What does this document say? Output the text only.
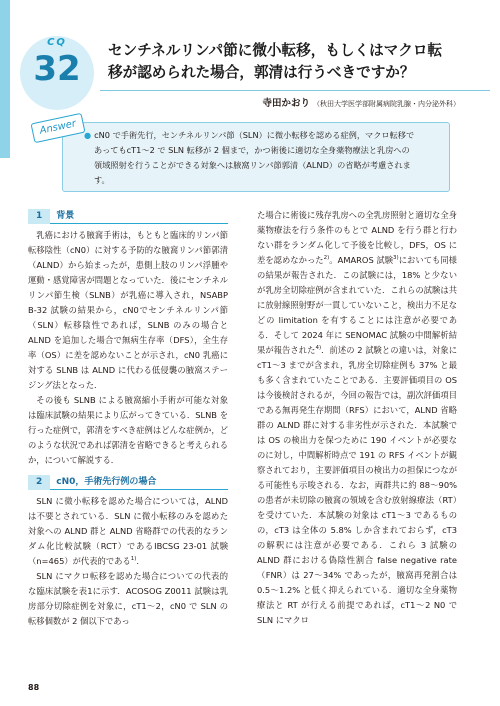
CQ
32	センチネルリンパ節に微小転移，もしくはマクロ転
移が認められた場合，郭清は行うべきですか？
寺田かおり （秋田大学医学部附属病院乳腺・内分泌外科）
Answer ● cN0 で手術先行，センチネルリンパ節（SLN）に微小転移を認める症例，マクロ転移で
あってもcT1～2 で SLN 転移が 2 個まで，かつ術後に適切な全身薬物療法と乳房への
領域照射を行うことができる対象へは腋窩リンパ節郭清（ALND）の省略が考慮されま
す。
1 背景

乳癌における腋窩手術は，もともと臨床的リンパ節転移陰性（cN0）に対する予防的な腋窩リンパ節郭清（ALND）から始まったが，患側上肢のリンパ浮腫や運動・感覚障害が問題となっていた．後にセンチネルリンパ節生検（SLNB）が乳癌に導入され，NSABP B-32 試験の結果から，cN0でセンチネルリンパ節（SLN）転移陰性であれば，SLNB のみの場合と ALND を追加した場合で無病生存率（DFS），全生存率（OS）に差を認めないことが示され，cN0 乳癌に対する SLNB は ALND に代わる低侵襲の腋窩ステージング法となった．

その後も SLNB による腋窩縮小手術が可能な対象は臨床試験の結果により広がってきている．SLNB を行った症例で，郭清をすべき症例はどんな症例か，どのような状況であれば郭清を省略できると考えられるか，について解説する．

2 cN0，手術先行例の場合

SLN に微小転移を認めた場合については，ALND は不要とされている．SLN に微小転移のみを認めた対象への ALND 群と ALND 省略群での代表的なランダム化比較試験（RCT）であるIBCSG 23-01 試験（n=465）が代表的である$^{1)}$.

SLN にマクロ転移を認めた場合についての代表的な臨床試験を表1に示す．ACOSOG Z0011 試験は乳房部分切除症例を対象に，cT1～2，cN0 で SLN の転移個数が 2 個以下であっ

た場合に術後に残存乳房への全乳房照射と適切な全身薬物療法を行う条件のもとで ALND を行う群と行わない群をランダム化して予後を比較し，DFS，OS に差を認めなかった$^{2)}$。AMAROS 試験$^{3)}$においても同様の結果が報告された．この試験には，18% と少ないが乳房全切除症例が含まれていた．これらの試験は共に放射線照射野が一貫していないこと，検出力不足などの limitation を有することには注意が必要である．そして 2024 年に SENOMAC 試験の中間解析結果が報告された$^{4)}$．前述の 2 試験との違いは，対象に cT1～3 までが含まれ，乳房全切除症例も 37% と最も多く含まれていたことである．主要評価項目の OS は今後検討されるが，今回の報告では，副次評価項目である無再発生存期間（RFS）において，ALND 省略群の ALND 群に対する非劣性が示された．本試験では OS の検出力を保つために 190 イベントが必要なのに対し，中間解析時点で 191 の RFS イベントが観察されており，主要評価項目の検出力の担保につながる可能性も示唆される．なお，両群共に約 88～90% の患者が未切除の腋窩の領域を含む放射線療法（RT）を受けていた．本試験の対象は cT1～3 であるものの，cT3 は全体の 5.8% しか含まれておらず，cT3 の解釈には注意が必要である．これら 3 試験の ALND 群における偽陰性割合 false negative rate（FNR）は 27～34% であったが，腋窩再発割合は 0.5～1.2% と低く抑えられている．適切な全身薬物療法と RT が行える前提であれば，cT1～2 N0 で SLN にマクロ

88
